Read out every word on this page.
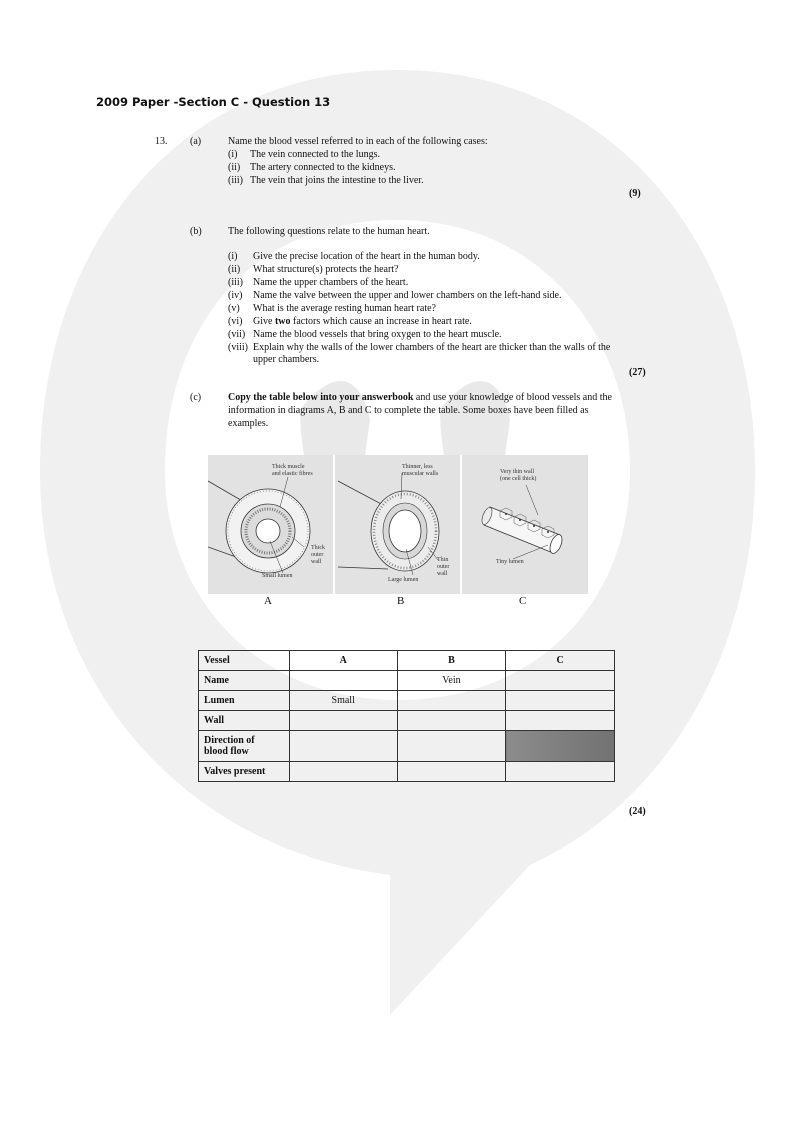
2009 Paper -Section C - Question 13
13. (a)	Name the blood vessel referred to in each of the following cases:
(i) The vein connected to the lungs.
(ii) The artery connected to the kidneys.
(iii) The vein that joins the intestine to the liver.
(9)
(b)	The following questions relate to the human heart.
(i) Give the precise location of the heart in the human body.
(ii) What structure(s) protects the heart?
(iii) Name the upper chambers of the heart.
(iv) Name the valve between the upper and lower chambers on the left-hand side.
(v) What is the average resting human heart rate?
(vi) Give two factors which cause an increase in heart rate.
(vii) Name the blood vessels that bring oxygen to the heart muscle.
(viii) Explain why the walls of the lower chambers of the heart are thicker than the walls of the
upper chambers.
(27)
(c)	Copy the table below into your answerbook and use your knowledge of blood vessels and the
information in diagrams A, B and C to complete the table. Some boxes have been filled as
examples.
Thick muscle
and elastic fibres
Thick
outer
wall
Small lumen
Thinner, less
muscular walls
Thin
outer
wall
Large lumen
Very thin wall
(one cell thick)
Tiny lumen
A	B	C
Vessel	A	B	C
Name		Vein	
Lumen	Small		
Wall			
Direction of
blood flow			
Valves present			
(24)
